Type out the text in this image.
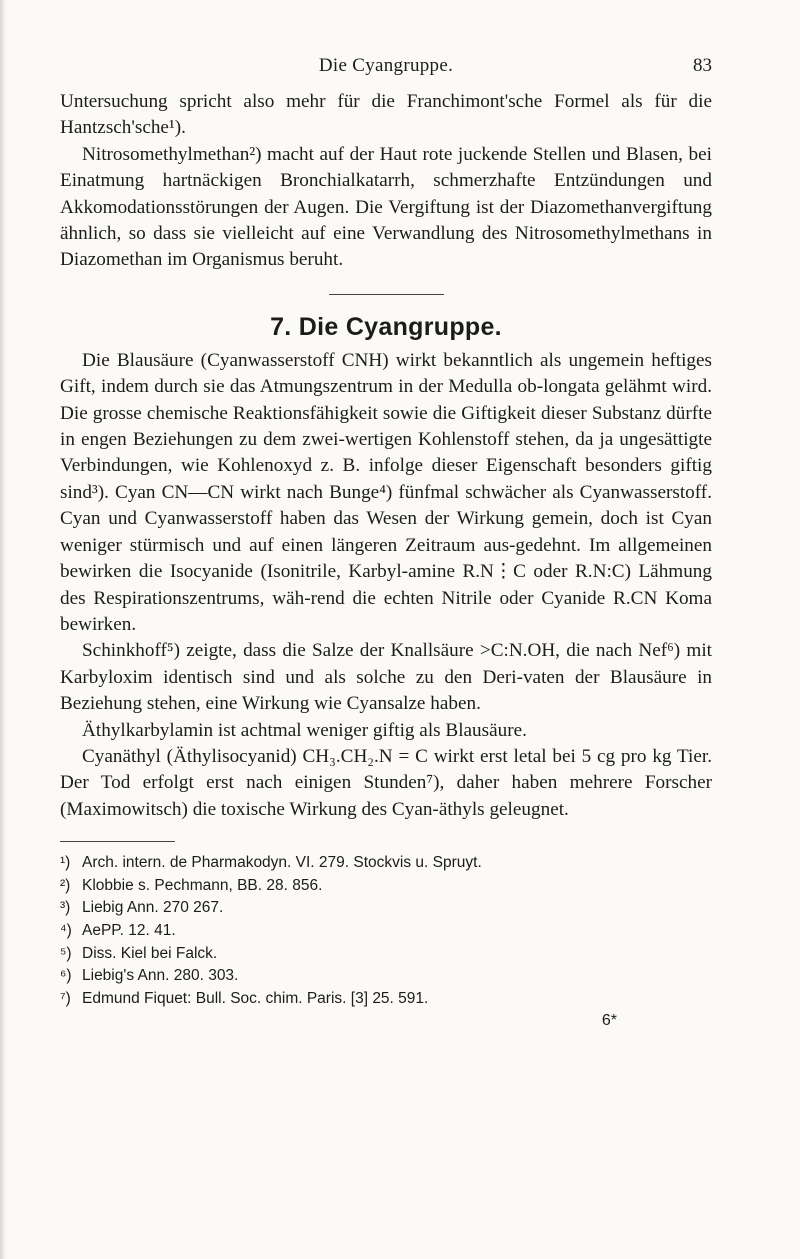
Die Cyangruppe.	83

Untersuchung spricht also mehr für die Franchimont'sche Formel als für die Hantzsch'sche¹).

Nitrosomethylmethan²) macht auf der Haut rote juckende Stellen und Blasen, bei Einatmung hartnäckigen Bronchialkatarrh, schmerzhafte Entzündungen und Akkomodationsstörungen der Augen. Die Vergiftung ist der Diazomethanvergiftung ähnlich, so dass sie vielleicht auf eine Verwandlung des Nitrosomethylmethans in Diazomethan im Organismus beruht.

7. Die Cyangruppe.

Die Blausäure (Cyanwasserstoff CNH) wirkt bekanntlich als ungemein heftiges Gift, indem durch sie das Atmungszentrum in der Medulla ob-longata gelähmt wird. Die grosse chemische Reaktionsfähigkeit sowie die Giftigkeit dieser Substanz dürfte in engen Beziehungen zu dem zwei-wertigen Kohlenstoff stehen, da ja ungesättigte Verbindungen, wie Kohlenoxyd z. B. infolge dieser Eigenschaft besonders giftig sind³). Cyan CN—CN wirkt nach Bunge⁴) fünfmal schwächer als Cyanwasserstoff. Cyan und Cyanwasserstoff haben das Wesen der Wirkung gemein, doch ist Cyan weniger stürmisch und auf einen längeren Zeitraum aus-gedehnt. Im allgemeinen bewirken die Isocyanide (Isonitrile, Karbyl-amine R.N⋮C oder R.N:C) Lähmung des Respirationszentrums, wäh-rend die echten Nitrile oder Cyanide R.CN Koma bewirken.

Schinkhoff⁵) zeigte, dass die Salze der Knallsäure >C:N.OH, die nach Nef⁶) mit Karbyloxim identisch sind und als solche zu den Deri-vaten der Blausäure in Beziehung stehen, eine Wirkung wie Cyansalze haben.

Äthylkarbylamin ist achtmal weniger giftig als Blausäure.

Cyanäthyl (Äthylisocyanid) CH₃.CH₂.N = C wirkt erst letal bei 5 cg pro kg Tier. Der Tod erfolgt erst nach einigen Stunden⁷), daher haben mehrere Forscher (Maximowitsch) die toxische Wirkung des Cyan-äthyls geleugnet.

¹) Arch. intern. de Pharmakodyn. VI. 279. Stockvis u. Spruyt.
²) Klobbie s. Pechmann, BB. 28. 856.
³) Liebig Ann. 270 267.
⁴) AePP. 12. 41.
⁵) Diss. Kiel bei Falck.
⁶) Liebig's Ann. 280. 303.
⁷) Edmund Fiquet: Bull. Soc. chim. Paris. [3] 25. 591.
6*
